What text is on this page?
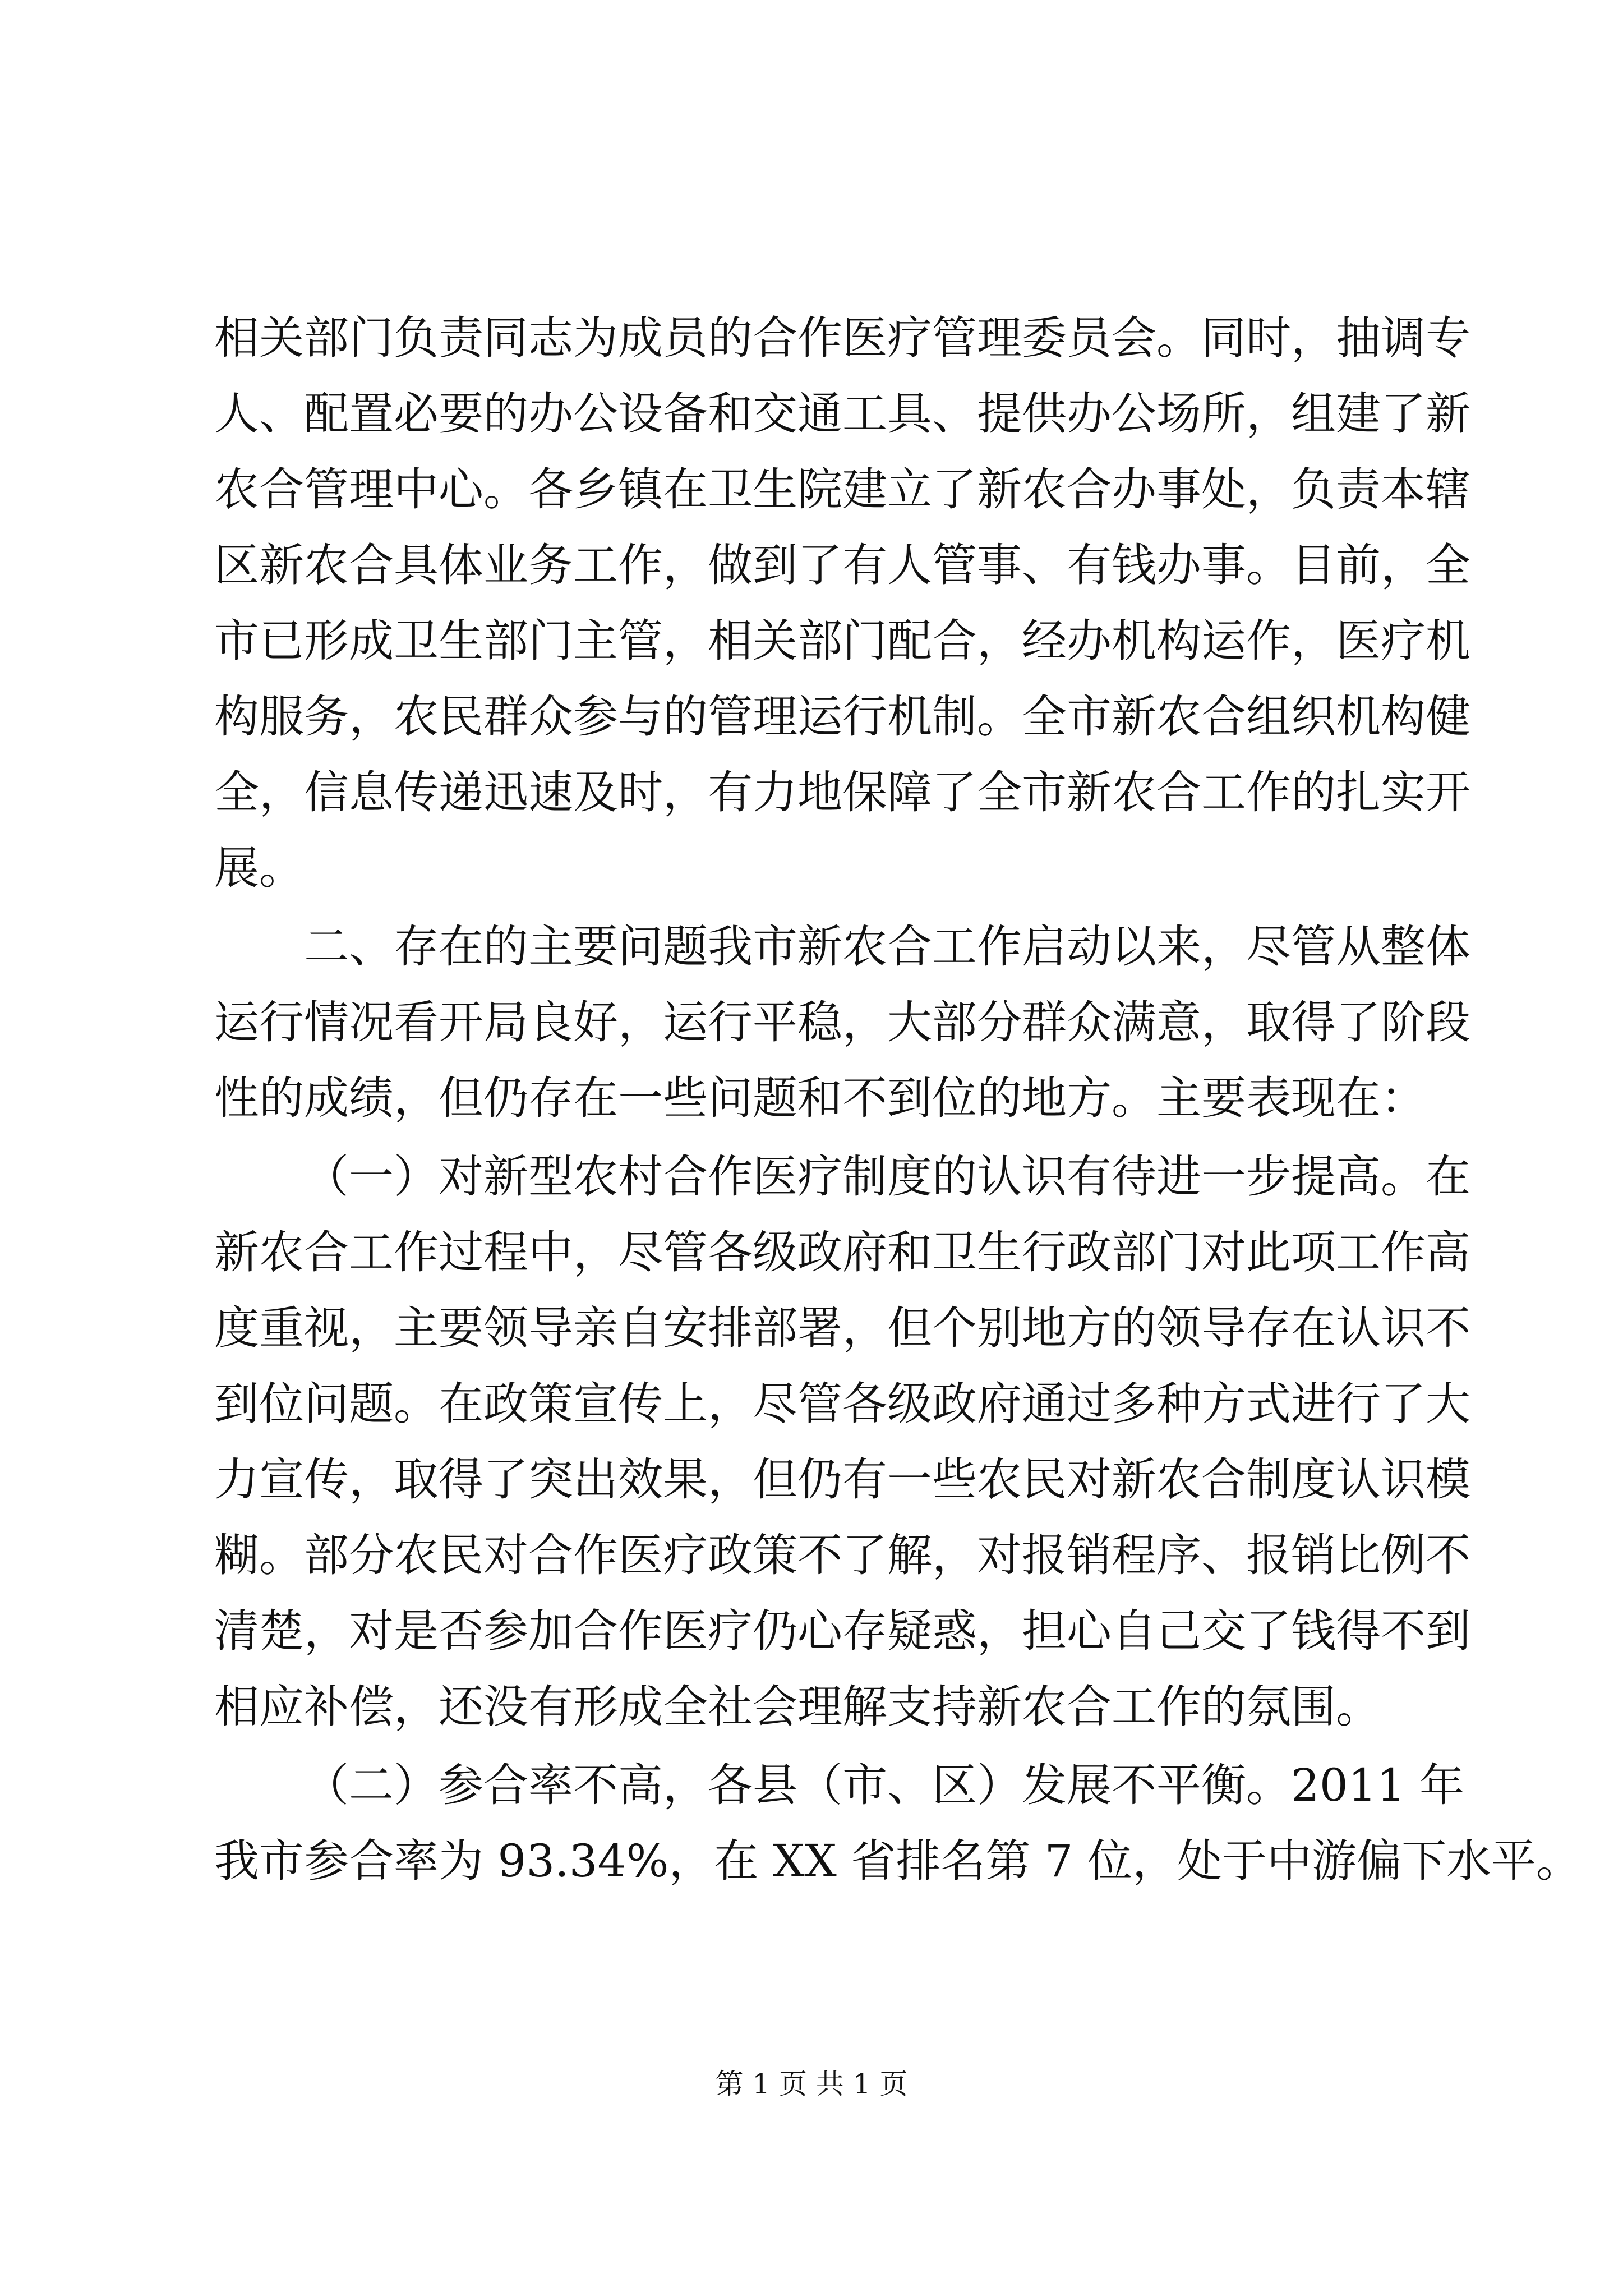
相关部门负责同志为成员的合作医疗管理委员会。同时，抽调专
人、配置必要的办公设备和交通工具、提供办公场所，组建了新
农合管理中心。各乡镇在卫生院建立了新农合办事处，负责本辖
区新农合具体业务工作，做到了有人管事、有钱办事。目前，全
市已形成卫生部门主管，相关部门配合，经办机构运作，医疗机
构服务，农民群众参与的管理运行机制。全市新农合组织机构健
全，信息传递迅速及时，有力地保障了全市新农合工作的扎实开
展。
二、存在的主要问题我市新农合工作启动以来，尽管从整体
运行情况看开局良好，运行平稳，大部分群众满意，取得了阶段
性的成绩，但仍存在一些问题和不到位的地方。主要表现在：
（一）对新型农村合作医疗制度的认识有待进一步提高。在
新农合工作过程中，尽管各级政府和卫生行政部门对此项工作高
度重视，主要领导亲自安排部署，但个别地方的领导存在认识不
到位问题。在政策宣传上，尽管各级政府通过多种方式进行了大
力宣传，取得了突出效果，但仍有一些农民对新农合制度认识模
糊。部分农民对合作医疗政策不了解，对报销程序、报销比例不
清楚，对是否参加合作医疗仍心存疑惑，担心自己交了钱得不到
相应补偿，还没有形成全社会理解支持新农合工作的氛围。
（二）参合率不高，各县（市、区）发展不平衡。2011 年
我市参合率为 93.34%，在 XX 省排名第 7 位，处于中游偏下水平。
第 1 页 共 1 页
